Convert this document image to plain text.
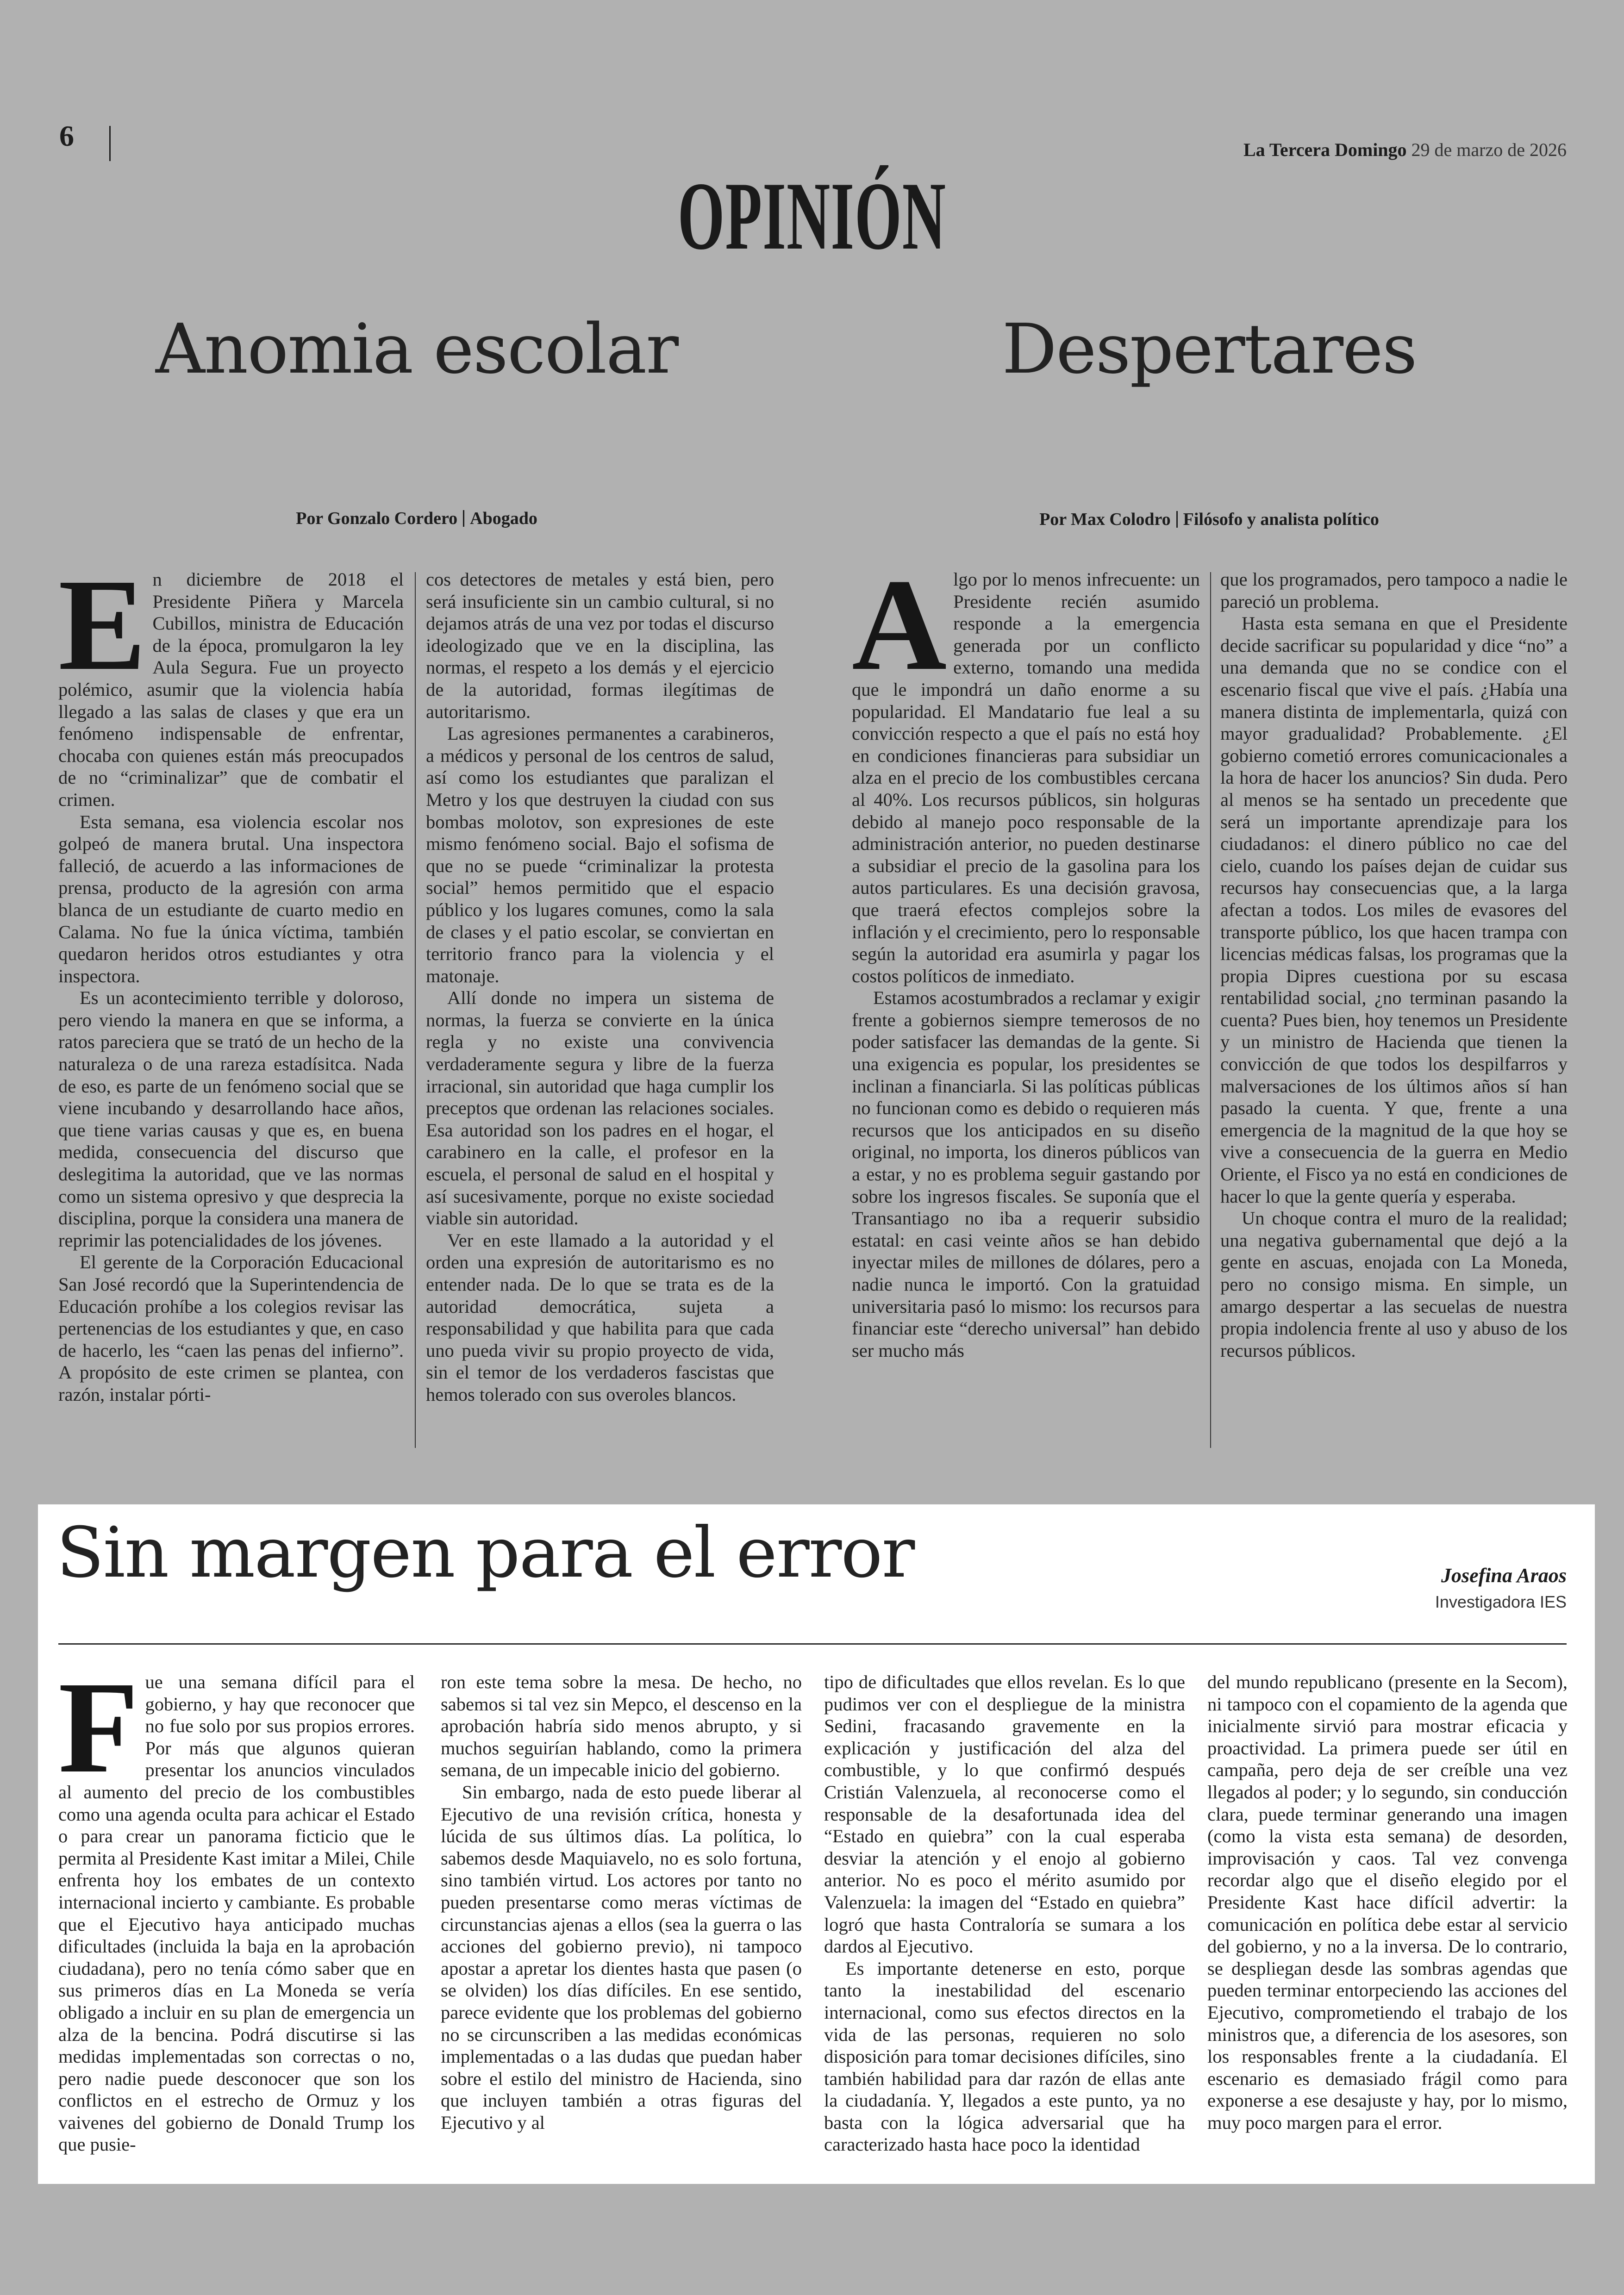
6	La Tercera Domingo 29 de marzo de 2026
OPINIÓN
Anomia escolar
Por Gonzalo Cordero Abogado

En diciembre de 2018 el Presidente Piñera y Marcela Cubillos, ministra de Educación de la época, promulgaron la ley Aula Segura. Fue un proyecto polémico, asumir que la violencia había llegado a las salas de clases y que era un fenómeno indispensable de enfrentar, chocaba con quienes están más preocupados de no “criminalizar” que de combatir el crimen.

Esta semana, esa violencia escolar nos golpeó de manera brutal. Una inspectora falleció, de acuerdo a las informaciones de prensa, producto de la agresión con arma blanca de un estudiante de cuarto medio en Calama. No fue la única víctima, también quedaron heridos otros estudiantes y otra inspectora.

Es un acontecimiento terrible y doloroso, pero viendo la manera en que se informa, a ratos pareciera que se trató de un hecho de la naturaleza o de una rareza estadísitca. Nada de eso, es parte de un fenómeno social que se viene incubando y desarrollando hace años, que tiene varias causas y que es, en buena medida, consecuencia del discurso que deslegitima la autoridad, que ve las normas como un sistema opresivo y que desprecia la disciplina, porque la considera una manera de reprimir las potencialidades de los jóvenes.

El gerente de la Corporación Educacional San José recordó que la Superintendencia de Educación prohíbe a los colegios revisar las pertenencias de los estudiantes y que, en caso de hacerlo, les “caen las penas del infierno”. A propósito de este crimen se plantea, con razón, instalar pórti-

cos detectores de metales y está bien, pero será insuficiente sin un cambio cultural, si no dejamos atrás de una vez por todas el discurso ideologizado que ve en la disciplina, las normas, el respeto a los demás y el ejercicio de la autoridad, formas ilegítimas de autoritarismo.

Las agresiones permanentes a carabineros, a médicos y personal de los centros de salud, así como los estudiantes que paralizan el Metro y los que destruyen la ciudad con sus bombas molotov, son expresiones de este mismo fenómeno social. Bajo el sofisma de que no se puede “criminalizar la protesta social” hemos permitido que el espacio público y los lugares comunes, como la sala de clases y el patio escolar, se conviertan en territorio franco para la violencia y el matonaje.

Allí donde no impera un sistema de normas, la fuerza se convierte en la única regla y no existe una convivencia verdaderamente segura y libre de la fuerza irracional, sin autoridad que haga cumplir los preceptos que ordenan las relaciones sociales. Esa autoridad son los padres en el hogar, el carabinero en la calle, el profesor en la escuela, el personal de salud en el hospital y así sucesivamente, porque no existe sociedad viable sin autoridad.

Ver en este llamado a la autoridad y el orden una expresión de autoritarismo es no entender nada. De lo que se trata es de la autoridad democrática, sujeta a responsabilidad y que habilita para que cada uno pueda vivir su propio proyecto de vida, sin el temor de los verdaderos fascistas que hemos tolerado con sus overoles blancos.

Despertares
Por Max Colodro Filósofo y analista político

Algo por lo menos infrecuente: un Presidente recién asumido responde a la emergencia generada por un conflicto externo, tomando una medida que le impondrá un daño enorme a su popularidad. El Mandatario fue leal a su convicción respecto a que el país no está hoy en condiciones financieras para subsidiar un alza en el precio de los combustibles cercana al 40%. Los recursos públicos, sin holguras debido al manejo poco responsable de la administración anterior, no pueden destinarse a subsidiar el precio de la gasolina para los autos particulares. Es una decisión gravosa, que traerá efectos complejos sobre la inflación y el crecimiento, pero lo responsable según la autoridad era asumirla y pagar los costos políticos de inmediato.

Estamos acostumbrados a reclamar y exigir frente a gobiernos siempre temerosos de no poder satisfacer las demandas de la gente. Si una exigencia es popular, los presidentes se inclinan a financiarla. Si las políticas públicas no funcionan como es debido o requieren más recursos que los anticipados en su diseño original, no importa, los dineros públicos van a estar, y no es problema seguir gastando por sobre los ingresos fiscales. Se suponía que el Transantiago no iba a requerir subsidio estatal: en casi veinte años se han debido inyectar miles de millones de dólares, pero a nadie nunca le importó. Con la gratuidad universitaria pasó lo mismo: los recursos para financiar este “derecho universal” han debido ser mucho más

que los programados, pero tampoco a nadie le pareció un problema.

Hasta esta semana en que el Presidente decide sacrificar su popularidad y dice “no” a una demanda que no se condice con el escenario fiscal que vive el país. ¿Había una manera distinta de implementarla, quizá con mayor gradualidad? Probablemente. ¿El gobierno cometió errores comunicacionales a la hora de hacer los anuncios? Sin duda. Pero al menos se ha sentado un precedente que será un importante aprendizaje para los ciudadanos: el dinero público no cae del cielo, cuando los países dejan de cuidar sus recursos hay consecuencias que, a la larga afectan a todos. Los miles de evasores del transporte público, los que hacen trampa con licencias médicas falsas, los programas que la propia Dipres cuestiona por su escasa rentabilidad social, ¿no terminan pasando la cuenta? Pues bien, hoy tenemos un Presidente y un ministro de Hacienda que tienen la convicción de que todos los despilfarros y malversaciones de los últimos años sí han pasado la cuenta. Y que, frente a una emergencia de la magnitud de la que hoy se vive a consecuencia de la guerra en Medio Oriente, el Fisco ya no está en condiciones de hacer lo que la gente quería y esperaba.

Un choque contra el muro de la realidad; una negativa gubernamental que dejó a la gente en ascuas, enojada con La Moneda, pero no consigo misma. En simple, un amargo despertar a las secuelas de nuestra propia indolencia frente al uso y abuso de los recursos públicos.

Sin margen para el error	Josefina Araos
Investigadora IES

Fue una semana difícil para el gobierno, y hay que reconocer que no fue solo por sus propios errores. Por más que algunos quieran presentar los anuncios vinculados al aumento del precio de los combustibles como una agenda oculta para achicar el Estado o para crear un panorama ficticio que le permita al Presidente Kast imitar a Milei, Chile enfrenta hoy los embates de un contexto internacional incierto y cambiante. Es probable que el Ejecutivo haya anticipado muchas dificultades (incluida la baja en la aprobación ciudadana), pero no tenía cómo saber que en sus primeros días en La Moneda se vería obligado a incluir en su plan de emergencia un alza de la bencina. Podrá discutirse si las medidas implementadas son correctas o no, pero nadie puede desconocer que son los conflictos en el estrecho de Ormuz y los vaivenes del gobierno de Donald Trump los que pusie-

ron este tema sobre la mesa. De hecho, no sabemos si tal vez sin Mepco, el descenso en la aprobación habría sido menos abrupto, y si muchos seguirían hablando, como la primera semana, de un impecable inicio del gobierno.

Sin embargo, nada de esto puede liberar al Ejecutivo de una revisión crítica, honesta y lúcida de sus últimos días. La política, lo sabemos desde Maquiavelo, no es solo fortuna, sino también virtud. Los actores por tanto no pueden presentarse como meras víctimas de circunstancias ajenas a ellos (sea la guerra o las acciones del gobierno previo), ni tampoco apostar a apretar los dientes hasta que pasen (o se olviden) los días difíciles. En ese sentido, parece evidente que los problemas del gobierno no se circunscriben a las medidas económicas implementadas o a las dudas que puedan haber sobre el estilo del ministro de Hacienda, sino que incluyen también a otras figuras del Ejecutivo y al

tipo de dificultades que ellos revelan. Es lo que pudimos ver con el despliegue de la ministra Sedini, fracasando gravemente en la explicación y justificación del alza del combustible, y lo que confirmó después Cristián Valenzuela, al reconocerse como el responsable de la desafortunada idea del “Estado en quiebra” con la cual esperaba desviar la atención y el enojo al gobierno anterior. No es poco el mérito asumido por Valenzuela: la imagen del “Estado en quiebra” logró que hasta Contraloría se sumara a los dardos al Ejecutivo.

Es importante detenerse en esto, porque tanto la inestabilidad del escenario internacional, como sus efectos directos en la vida de las personas, requieren no solo disposición para tomar decisiones difíciles, sino también habilidad para dar razón de ellas ante la ciudadanía. Y, llegados a este punto, ya no basta con la lógica adversarial que ha caracterizado hasta hace poco la identidad

del mundo republicano (presente en la Secom), ni tampoco con el copamiento de la agenda que inicialmente sirvió para mostrar eficacia y proactividad. La primera puede ser útil en campaña, pero deja de ser creíble una vez llegados al poder; y lo segundo, sin conducción clara, puede terminar generando una imagen (como la vista esta semana) de desorden, improvisación y caos. Tal vez convenga recordar algo que el diseño elegido por el Presidente Kast hace difícil advertir: la comunicación en política debe estar al servicio del gobierno, y no a la inversa. De lo contrario, se despliegan desde las sombras agendas que pueden terminar entorpeciendo las acciones del Ejecutivo, comprometiendo el trabajo de los ministros que, a diferencia de los asesores, son los responsables frente a la ciudadanía. El escenario es demasiado frágil como para exponerse a ese desajuste y hay, por lo mismo, muy poco margen para el error.
